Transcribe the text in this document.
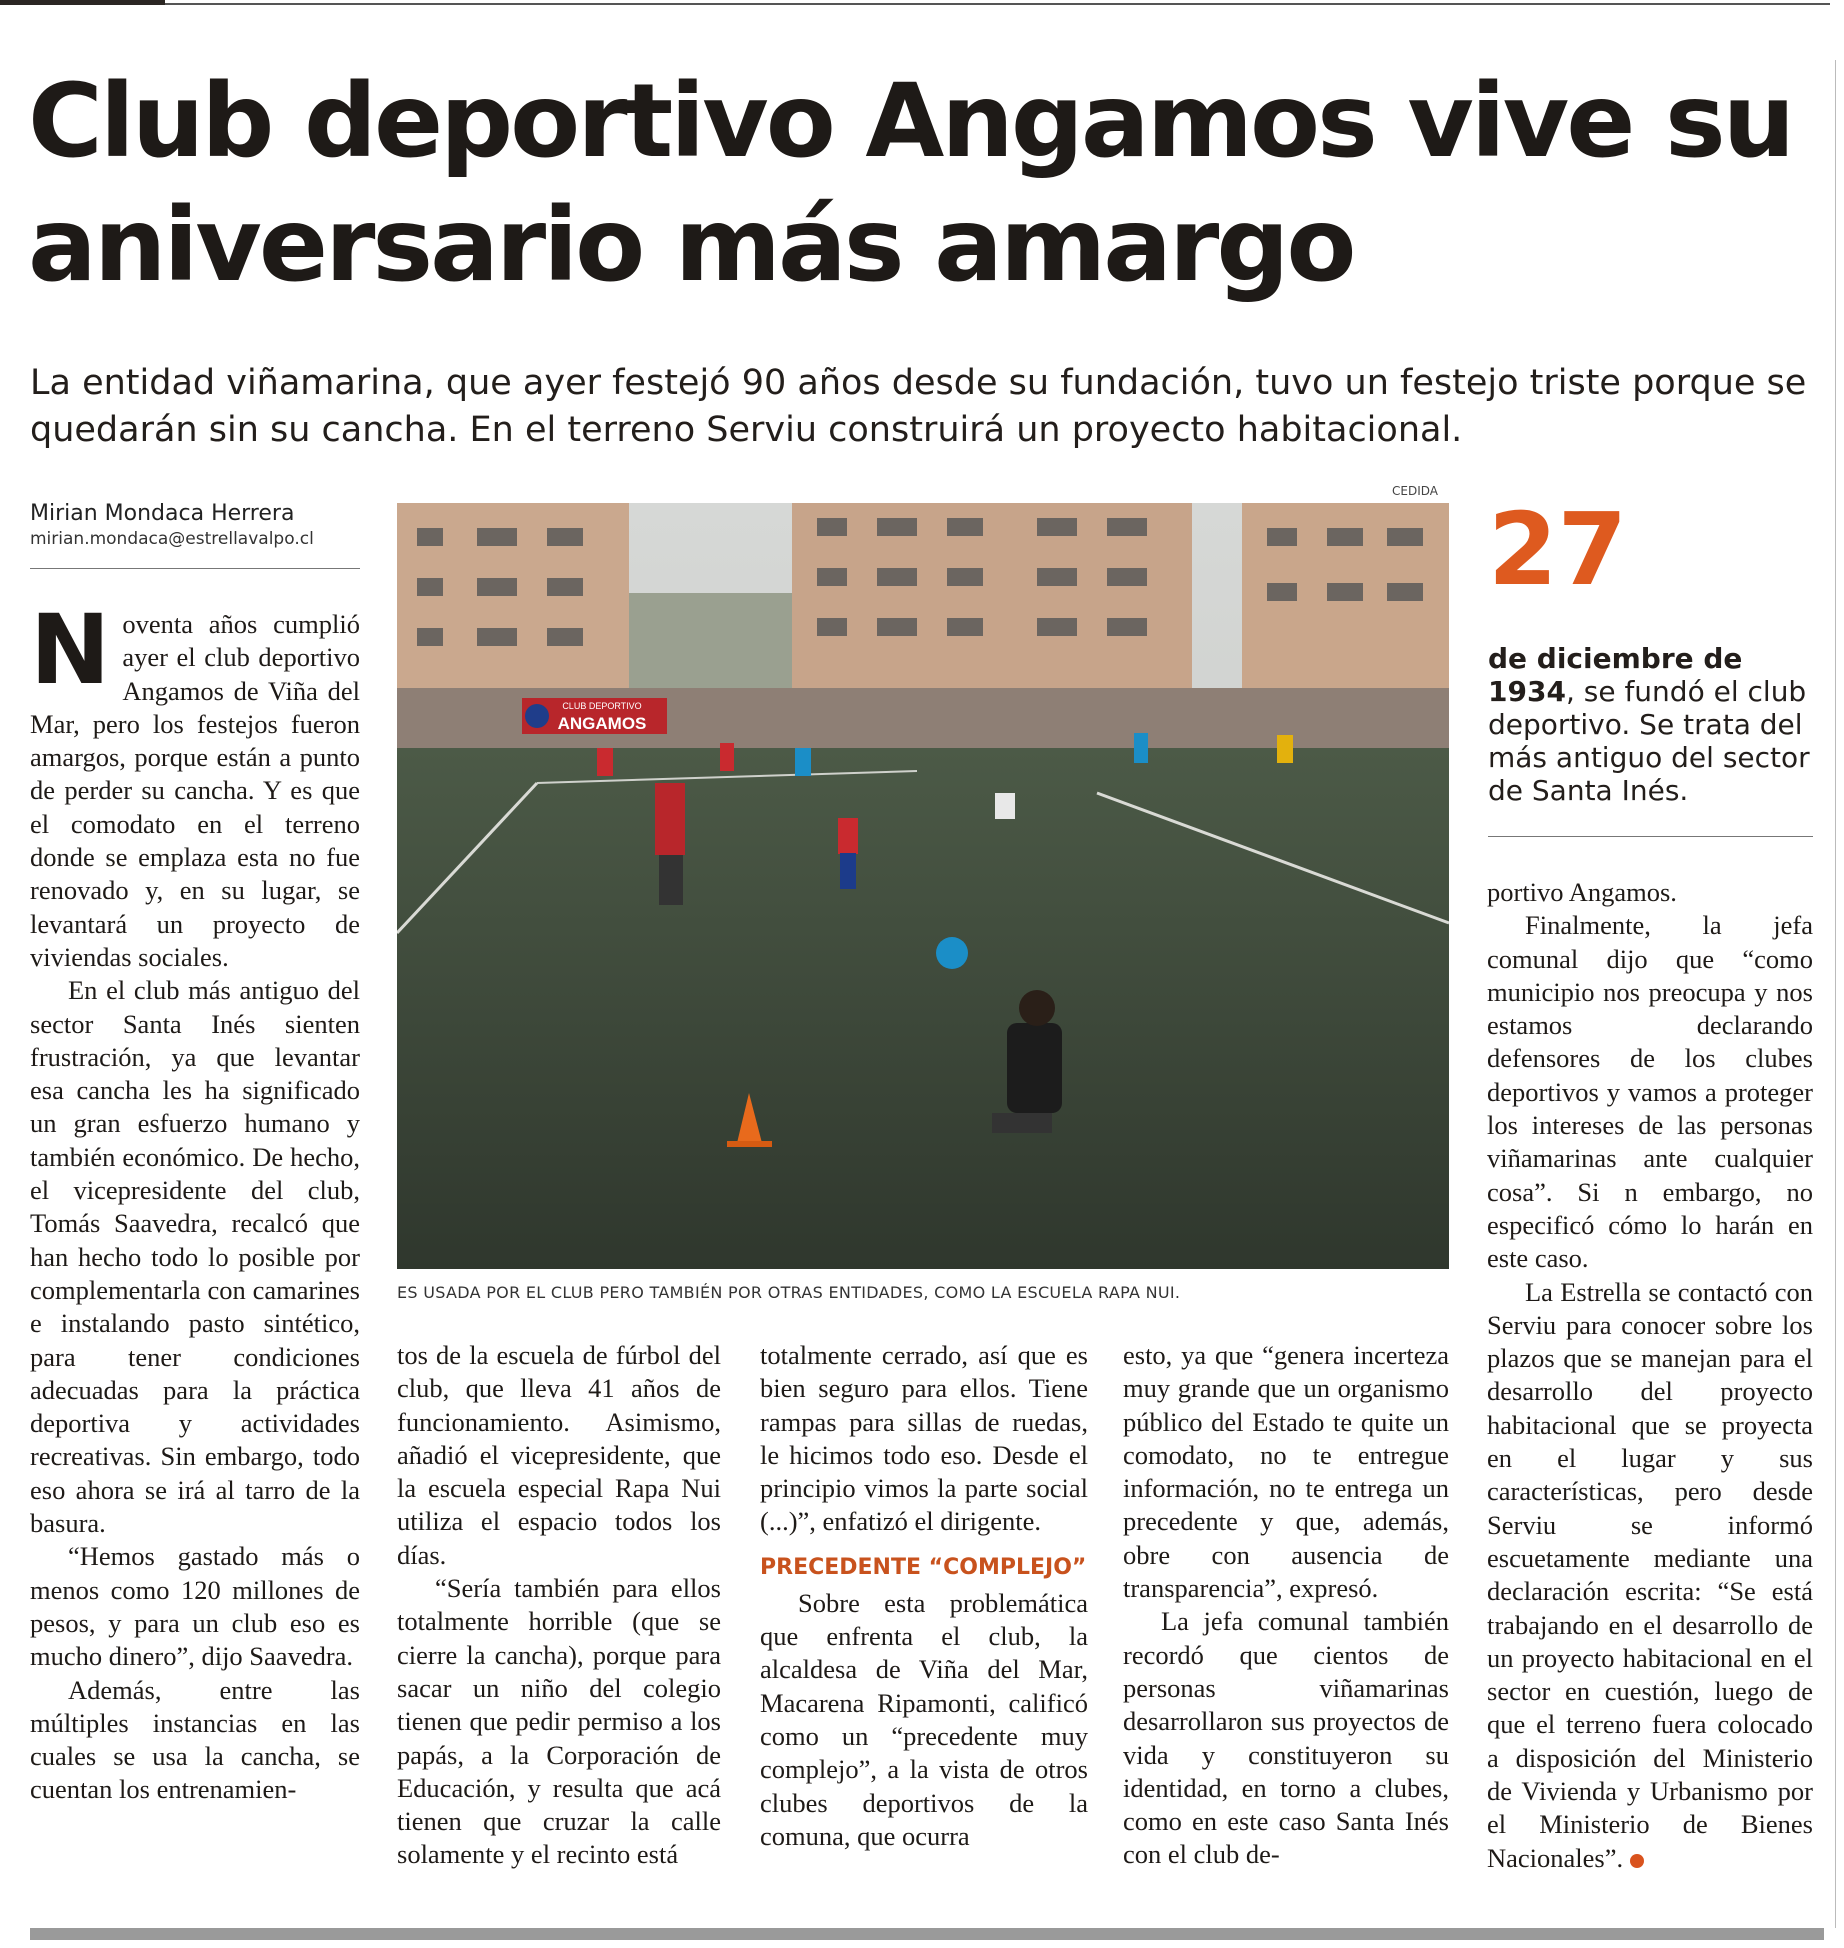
Club deportivo Angamos vive su aniversario más amargo
La entidad viñamarina, que ayer festejó 90 años desde su fundación, tuvo un festejo triste porque se quedarán sin su cancha. En el terreno Serviu construirá un proyecto habitacional.
Mirian Mondaca Herrera
mirian.mondaca@estrellavalpo.cl
CEDIDA
CLUB DEPORTIVO
ANGAMOS
ES USADA POR EL CLUB PERO TAMBIÉN POR OTRAS ENTIDADES, COMO LA ESCUELA RAPA NUI.
27
de diciembre de 1934, se fundó el club deportivo. Se trata del más antiguo del sector de Santa Inés.

Noventa años cumplió ayer el club deportivo Angamos de Viña del Mar, pero los festejos fueron amargos, porque están a punto de perder su cancha. Y es que el comodato en el terreno donde se emplaza esta no fue renovado y, en su lugar, se levantará un proyecto de viviendas sociales.

En el club más antiguo del sector Santa Inés sienten frustración, ya que levantar esa cancha les ha significado un gran esfuerzo humano y también económico. De hecho, el vicepresidente del club, Tomás Saavedra, recalcó que han hecho todo lo posible por complementarla con camarines e instalando pasto sintético, para tener condiciones adecuadas para la práctica deportiva y actividades recreativas. Sin embargo, todo eso ahora se irá al tarro de la basura.

“Hemos gastado más o menos como 120 millones de pesos, y para un club eso es mucho dinero”, dijo Saavedra.

Además, entre las múltiples instancias en las cuales se usa la cancha, se cuentan los entrenamien-

tos de la escuela de fúrbol del club, que lleva 41 años de funcionamiento. Asimismo, añadió el vicepresidente, que la escuela especial Rapa Nui utiliza el espacio todos los días.

“Sería también para ellos totalmente horrible (que se cierre la cancha), porque para sacar un niño del colegio tienen que pedir permiso a los papás, a la Corporación de Educación, y resulta que acá tienen que cruzar la calle solamente y el recinto está

totalmente cerrado, así que es bien seguro para ellos. Tiene rampas para sillas de ruedas, le hicimos todo eso. Desde el principio vimos la parte social (...)”, enfatizó el dirigente.

PRECEDENTE “COMPLEJO”

Sobre esta problemática que enfrenta el club, la alcaldesa de Viña del Mar, Macarena Ripamonti, calificó como un “precedente muy complejo”, a la vista de otros clubes deportivos de la comuna, que ocurra

esto, ya que “genera incerteza muy grande que un organismo público del Estado te quite un comodato, no te entregue información, no te entrega un precedente y que, además, obre con ausencia de transparencia”, expresó.

La jefa comunal también recordó que cientos de personas viñamarinas desarrollaron sus proyectos de vida y constituyeron su identidad, en torno a clubes, como en este caso Santa Inés con el club de-

portivo Angamos.

Finalmente, la jefa comunal dijo que “como municipio nos preocupa y nos estamos declarando defensores de los clubes deportivos y vamos a proteger los intereses de las personas viñamarinas ante cualquier cosa”. Si n embargo, no especificó cómo lo harán en este caso.

La Estrella se contactó con Serviu para conocer sobre los plazos que se manejan para el desarrollo del proyecto habitacional que se proyecta en el lugar y sus características, pero desde Serviu se informó escuetamente mediante una declaración escrita: “Se está trabajando en el desarrollo de un proyecto habitacional en el sector en cuestión, luego de que el terreno fuera colocado a disposición del Ministerio de Vivienda y Urbanismo por el Ministerio de Bienes Nacionales”.	✪
